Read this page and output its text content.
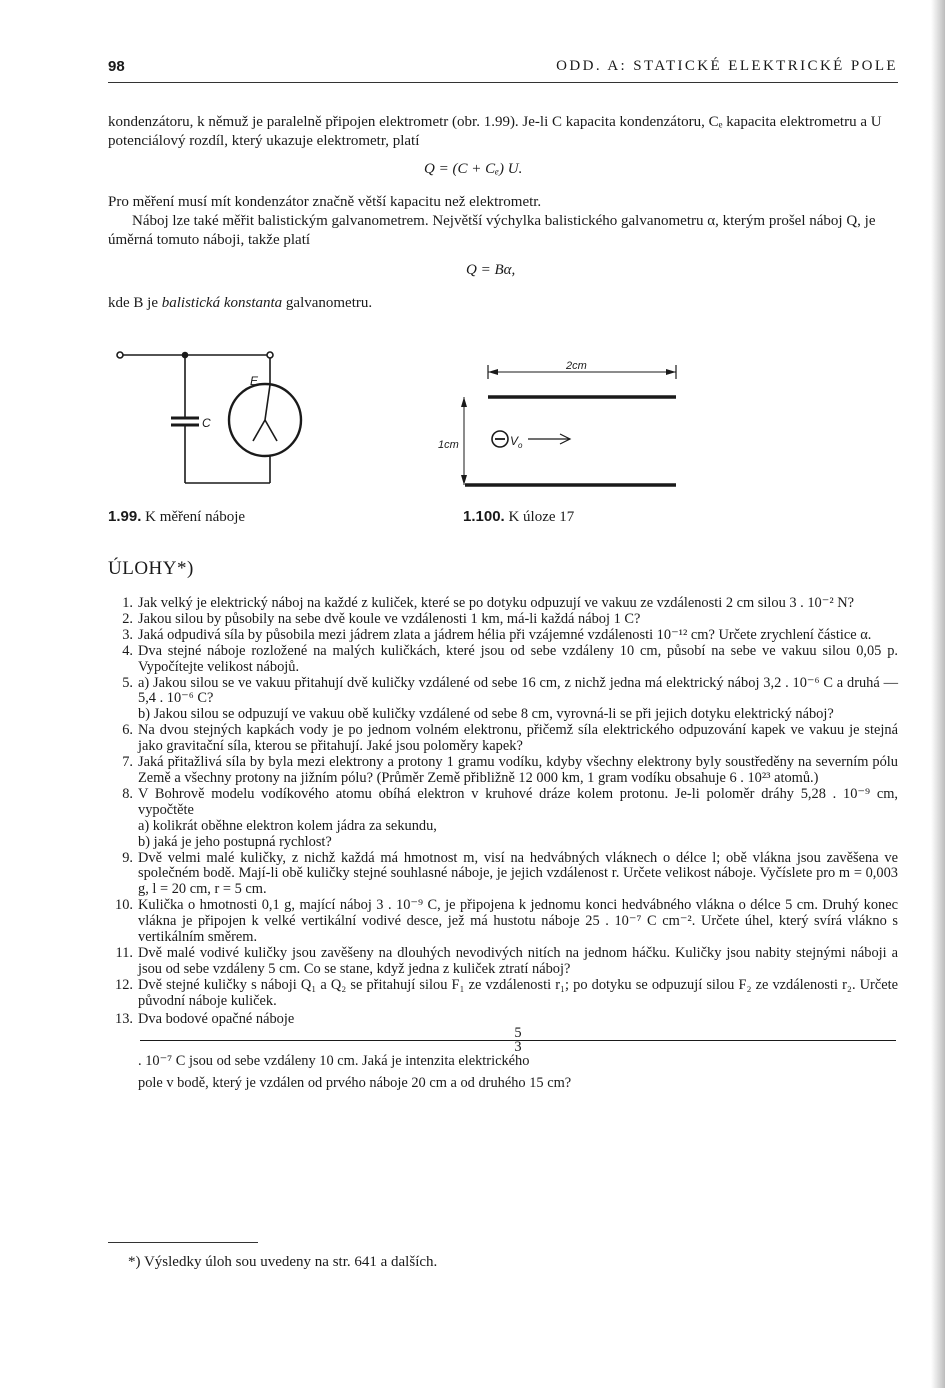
98	ODD. A: STATICKÉ ELEKTRICKÉ POLE
kondenzátoru, k němuž je paralelně připojen elektrometr (obr. 1.99). Je-li C kapacita kondenzátoru, Cₑ kapacita elektrometru a U potenciálový rozdíl, který ukazuje elektrometr, platí
Q = (C + Cₑ) U.
Pro měření musí mít kondenzátor značně větší kapacitu než elektrometr.
Náboj lze také měřit balistickým galvanometrem. Největší výchylka balistického galvanometru α, kterým prošel náboj Q, je úměrná tomuto náboji, takže platí
Q = Bα,
kde B je balistická konstanta galvanometru.
E
C
2cm
1cm	$V_o$
1.99. K měření náboje	1.100. K úloze 17
ÚLOHY*)
1. Jak velký je elektrický náboj na každé z kuliček, které se po dotyku odpuzují ve vakuu ze vzdálenosti 2 cm silou 3 . 10⁻² N?
2. Jakou silou by působily na sebe dvě koule ve vzdálenosti 1 km, má-li každá náboj 1 C?
3. Jaká odpudivá síla by působila mezi jádrem zlata a jádrem hélia při vzájemné vzdálenosti 10⁻¹² cm? Určete zrychlení částice α.
4. Dva stejné náboje rozložené na malých kuličkách, které jsou od sebe vzdáleny 10 cm, působí na sebe ve vakuu silou 0,05 p. Vypočítejte velikost nábojů.
5. a) Jakou silou se ve vakuu přitahují dvě kuličky vzdálené od sebe 16 cm, z nichž jedna má elektrický náboj 3,2 . 10⁻⁶ C a druhá —5,4 . 10⁻⁶ C?
b) Jakou silou se odpuzují ve vakuu obě kuličky vzdálené od sebe 8 cm, vyrovná-li se při jejich dotyku elektrický náboj?
6. Na dvou stejných kapkách vody je po jednom volném elektronu, přičemž síla elektrického odpuzování kapek ve vakuu je stejná jako gravitační síla, kterou se přitahují. Jaké jsou poloměry kapek?
7. Jaká přitažlivá síla by byla mezi elektrony a protony 1 gramu vodíku, kdyby všechny elektrony byly soustředěny na severním pólu Země a všechny protony na jižním pólu? (Průměr Země přibližně 12 000 km, 1 gram vodíku obsahuje 6 . 10²³ atomů.)
8. V Bohrově modelu vodíkového atomu obíhá elektron v kruhové dráze kolem protonu. Je-li poloměr dráhy 5,28 . 10⁻⁹ cm, vypočtěte
a) kolikrát oběhne elektron kolem jádra za sekundu,
b) jaká je jeho postupná rychlost?
9. Dvě velmi malé kuličky, z nichž každá má hmotnost m, visí na hedvábných vláknech o délce l; obě vlákna jsou zavěšena ve společném bodě. Mají-li obě kuličky stejné souhlasné náboje, je jejich vzdálenost r. Určete velikost náboje. Vyčíslete pro m = 0,003 g, l = 20 cm, r = 5 cm.
10. Kulička o hmotnosti 0,1 g, mající náboj 3 . 10⁻⁹ C, je připojena k jednomu konci hedvábného vlákna o délce 5 cm. Druhý konec vlákna je připojen k velké vertikální vodivé desce, jež má hustotu náboje 25 . 10⁻⁷ C cm⁻². Určete úhel, který svírá vlákno s vertikálním směrem.
11. Dvě malé vodivé kuličky jsou zavěšeny na dlouhých nevodivých nitích na jednom háčku. Kuličky jsou nabity stejnými náboji a jsou od sebe vzdáleny 5 cm. Co se stane, když jedna z kuliček ztratí náboj?
12. Dvě stejné kuličky s náboji Q₁ a Q₂ se přitahují silou F₁ ze vzdálenosti r₁; po dotyku se odpuzují silou F₂ ze vzdálenosti r₂. Určete původní náboje kuliček.
13. Dva bodové opačné náboje
5
3
. 10⁻⁷ C jsou od sebe vzdáleny 10 cm. Jaká je intenzita elektrického
pole v bodě, který je vzdálen od prvého náboje 20 cm a od druhého 15 cm?
*) Výsledky úloh sou uvedeny na str. 641 a dalších.
